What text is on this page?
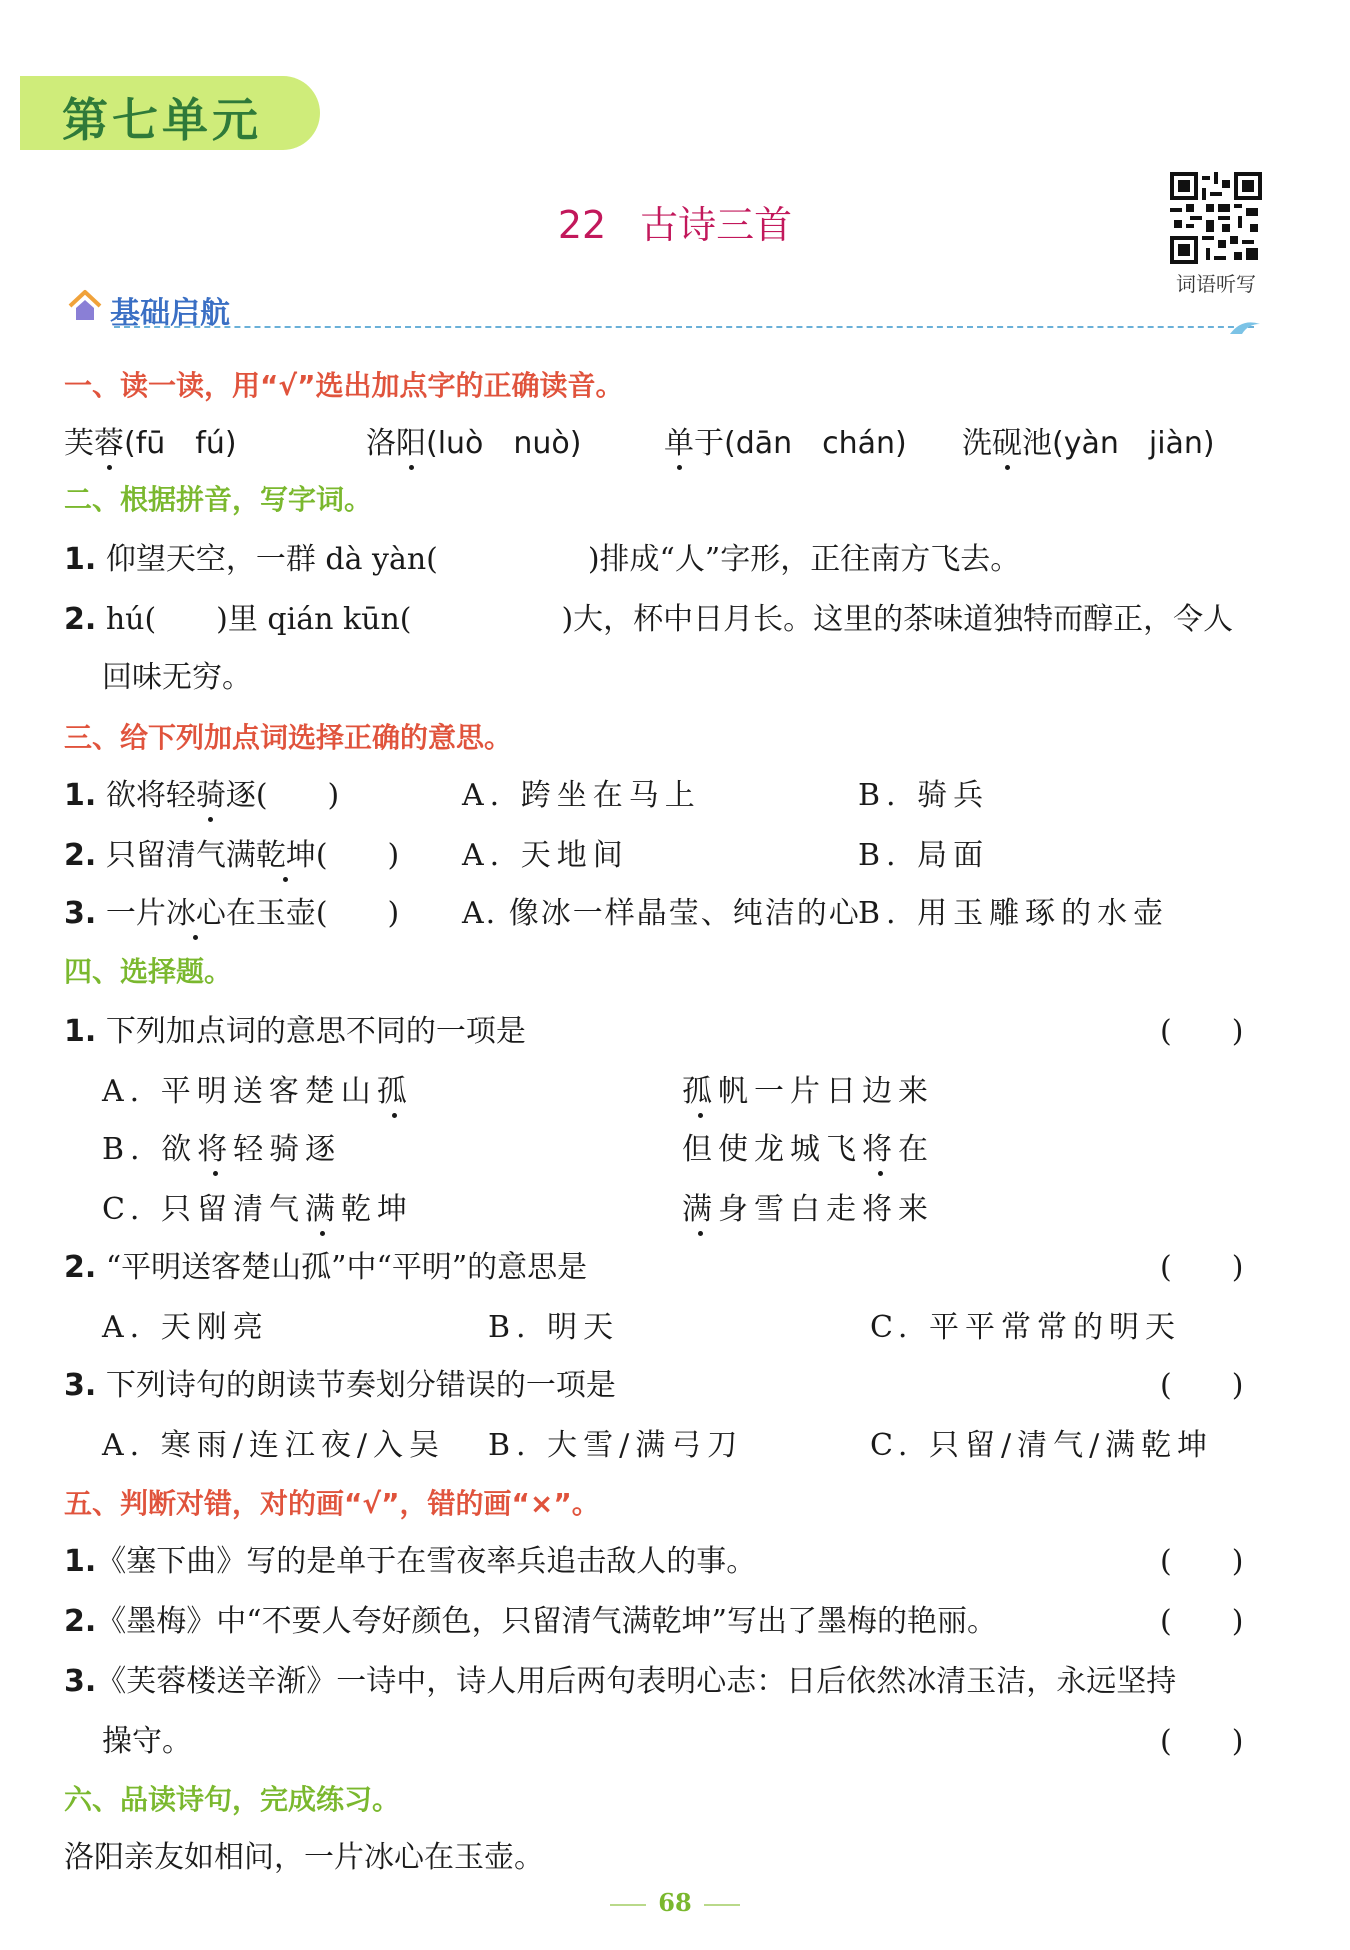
第七单元
22 古诗三首
词语听写
基础启航
一、读一读，用“√”选出加点字的正确读音。
芙蓉(fū　fú)	洛阳(luò　nuò)	单于(dān　chán) 洗砚池(yàn　jiàn)
二、根据拼音，写字词。
1. 仰望天空，一群 dà yàn(　　　　　)排成“人”字形，正往南方飞去。
2. hú(　　)里 qián kūn(　　　　　)大，杯中日月长。这里的茶味道独特而醇正，令人
回味无穷。
三、给下列加点词选择正确的意思。
1. 欲将轻骑逐(　　)	A. 跨坐在马上	B. 骑兵
2. 只留清气满乾坤(　　) A. 天地间	B. 局面
3. 一片冰心在玉壶(　　) A. 像冰一样晶莹、纯洁的心
B. 用玉雕琢的水壶
四、选择题。
1. 下列加点词的意思不同的一项是	(　　)
A. 平明送客楚山孤	孤帆一片日边来
B. 欲将轻骑逐	但使龙城飞将在
C. 只留清气满乾坤	满身雪白走将来
2. “平明送客楚山孤”中“平明”的意思是	(　　)
A. 天刚亮	B. 明天	C. 平平常常的明天
3. 下列诗句的朗读节奏划分错误的一项是	(　　)
A. 寒雨/连江夜/入吴 B. 大雪/满弓刀	C. 只留/清气/满乾坤
五、判断对错，对的画“√”，错的画“×”。
1.《塞下曲》写的是单于在雪夜率兵追击敌人的事。	(　　)
2.《墨梅》中“不要人夸好颜色，只留清气满乾坤”写出了墨梅的艳丽。	(　　)
3.《芙蓉楼送辛渐》一诗中，诗人用后两句表明心志：日后依然冰清玉洁，永远坚持
操守。	(　　)
六、品读诗句，完成练习。
洛阳亲友如相问，一片冰心在玉壶。
68
